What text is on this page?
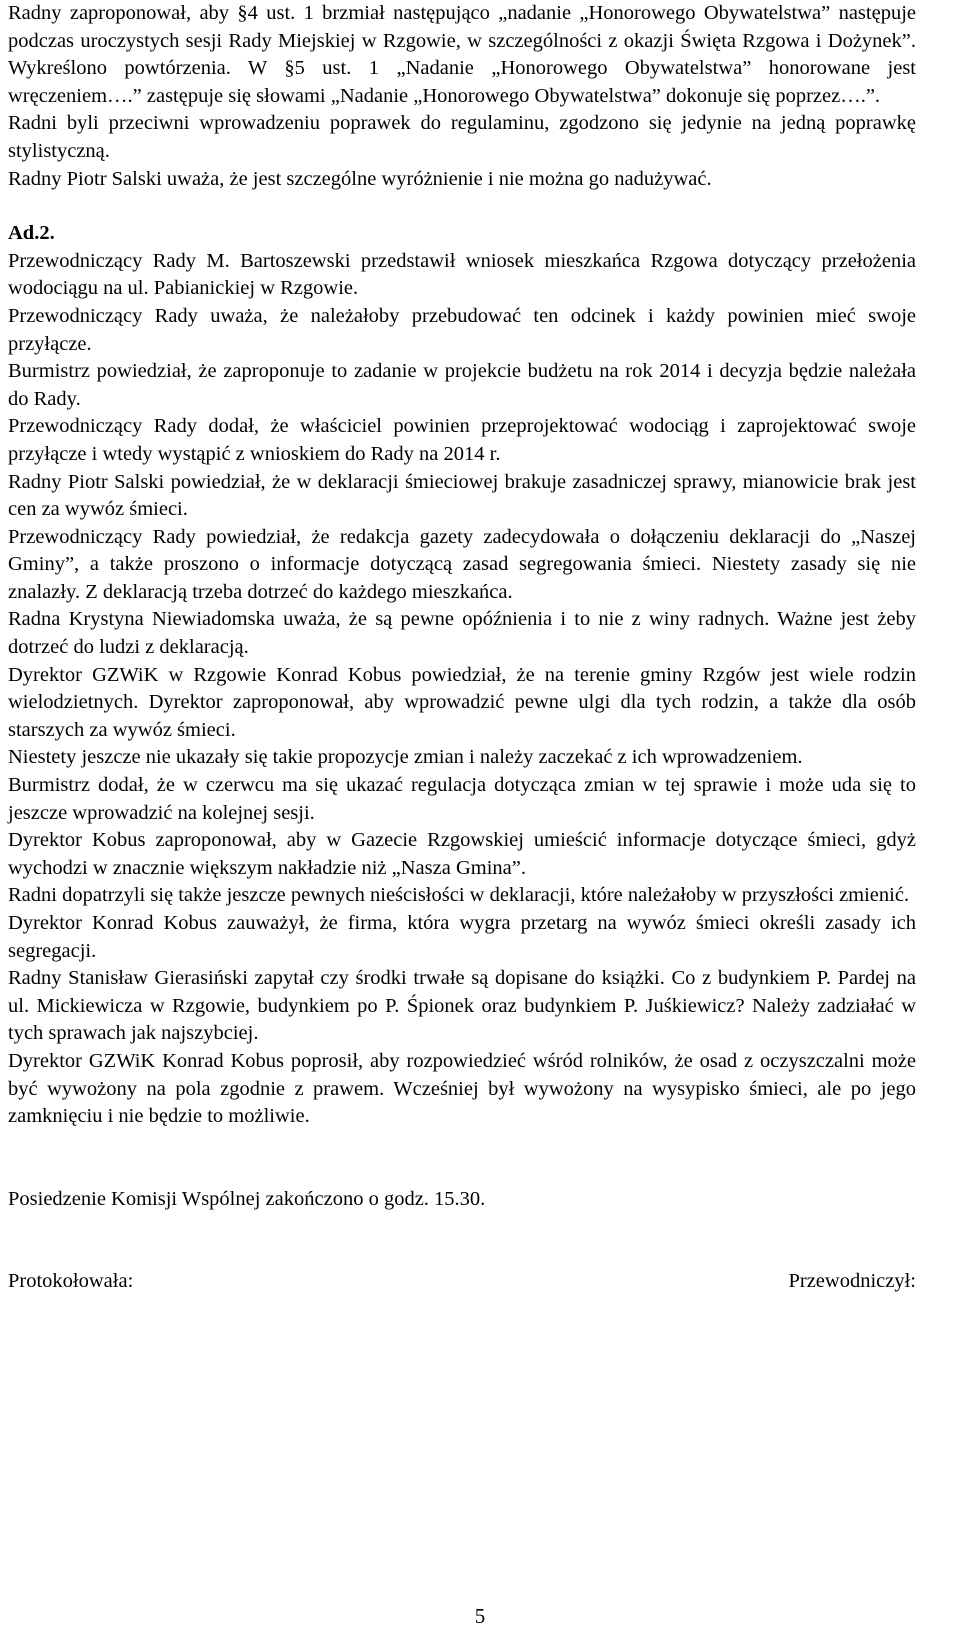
Radny zaproponował, aby §4 ust. 1 brzmiał następująco „nadanie „Honorowego Obywatelstwa” następuje podczas uroczystych sesji Rady Miejskiej w Rzgowie, w szczególności z okazji Święta Rzgowa i Dożynek”. Wykreślono powtórzenia. W §5 ust. 1 „Nadanie „Honorowego Obywatelstwa” honorowane jest wręczeniem….” zastępuje się słowami „Nadanie „Honorowego Obywatelstwa” dokonuje się poprzez….”.

Radni byli przeciwni wprowadzeniu poprawek do regulaminu, zgodzono się jedynie na jedną poprawkę stylistyczną.

Radny Piotr Salski uważa, że jest szczególne wyróżnienie i nie można go nadużywać.

Ad.2.

Przewodniczący Rady M. Bartoszewski przedstawił wniosek mieszkańca Rzgowa dotyczący przełożenia wodociągu na ul. Pabianickiej w Rzgowie.

Przewodniczący Rady uważa, że należałoby przebudować ten odcinek i każdy powinien mieć swoje przyłącze.

Burmistrz powiedział, że zaproponuje to zadanie w projekcie budżetu na rok 2014 i decyzja będzie należała do Rady.

Przewodniczący Rady dodał, że właściciel powinien przeprojektować wodociąg i zaprojektować swoje przyłącze i wtedy wystąpić z wnioskiem do Rady na 2014 r.

Radny Piotr Salski powiedział, że w deklaracji śmieciowej brakuje zasadniczej sprawy, mianowicie brak jest cen za wywóz śmieci.

Przewodniczący Rady powiedział, że redakcja gazety zadecydowała o dołączeniu deklaracji do „Naszej Gminy”, a także proszono o informacje dotyczącą zasad segregowania śmieci. Niestety zasady się nie znalazły. Z deklaracją trzeba dotrzeć do każdego mieszkańca.

Radna Krystyna Niewiadomska uważa, że są pewne opóźnienia i to nie z winy radnych. Ważne jest żeby dotrzeć do ludzi z deklaracją.

Dyrektor GZWiK w Rzgowie Konrad Kobus powiedział, że na terenie gminy Rzgów jest wiele rodzin wielodzietnych. Dyrektor zaproponował, aby wprowadzić pewne ulgi dla tych rodzin, a także dla osób starszych za wywóz śmieci.

Niestety jeszcze nie ukazały się takie propozycje zmian i należy zaczekać z ich wprowadzeniem.

Burmistrz dodał, że w czerwcu ma się ukazać regulacja dotycząca zmian w tej sprawie i może uda się to jeszcze wprowadzić na kolejnej sesji.

Dyrektor Kobus zaproponował, aby w Gazecie Rzgowskiej umieścić informacje dotyczące śmieci, gdyż wychodzi w znacznie większym nakładzie niż „Nasza Gmina”.

Radni dopatrzyli się także jeszcze pewnych nieścisłości w deklaracji, które należałoby w przyszłości zmienić.

Dyrektor Konrad Kobus zauważył, że firma, która wygra przetarg na wywóz śmieci określi zasady ich segregacji.

Radny Stanisław Gierasiński zapytał czy środki trwałe są dopisane do książki. Co z budynkiem P. Pardej na ul. Mickiewicza w Rzgowie, budynkiem po P. Śpionek oraz budynkiem P. Juśkiewicz? Należy zadziałać w tych sprawach jak najszybciej.

Dyrektor GZWiK Konrad Kobus poprosił, aby rozpowiedzieć wśród rolników, że osad z oczyszczalni może być wywożony na pola zgodnie z prawem. Wcześniej był wywożony na wysypisko śmieci, ale po jego zamknięciu i nie będzie to możliwie.

Posiedzenie Komisji Wspólnej zakończono o godz. 15.30.

Protokołowała:	Przewodniczył:
5
